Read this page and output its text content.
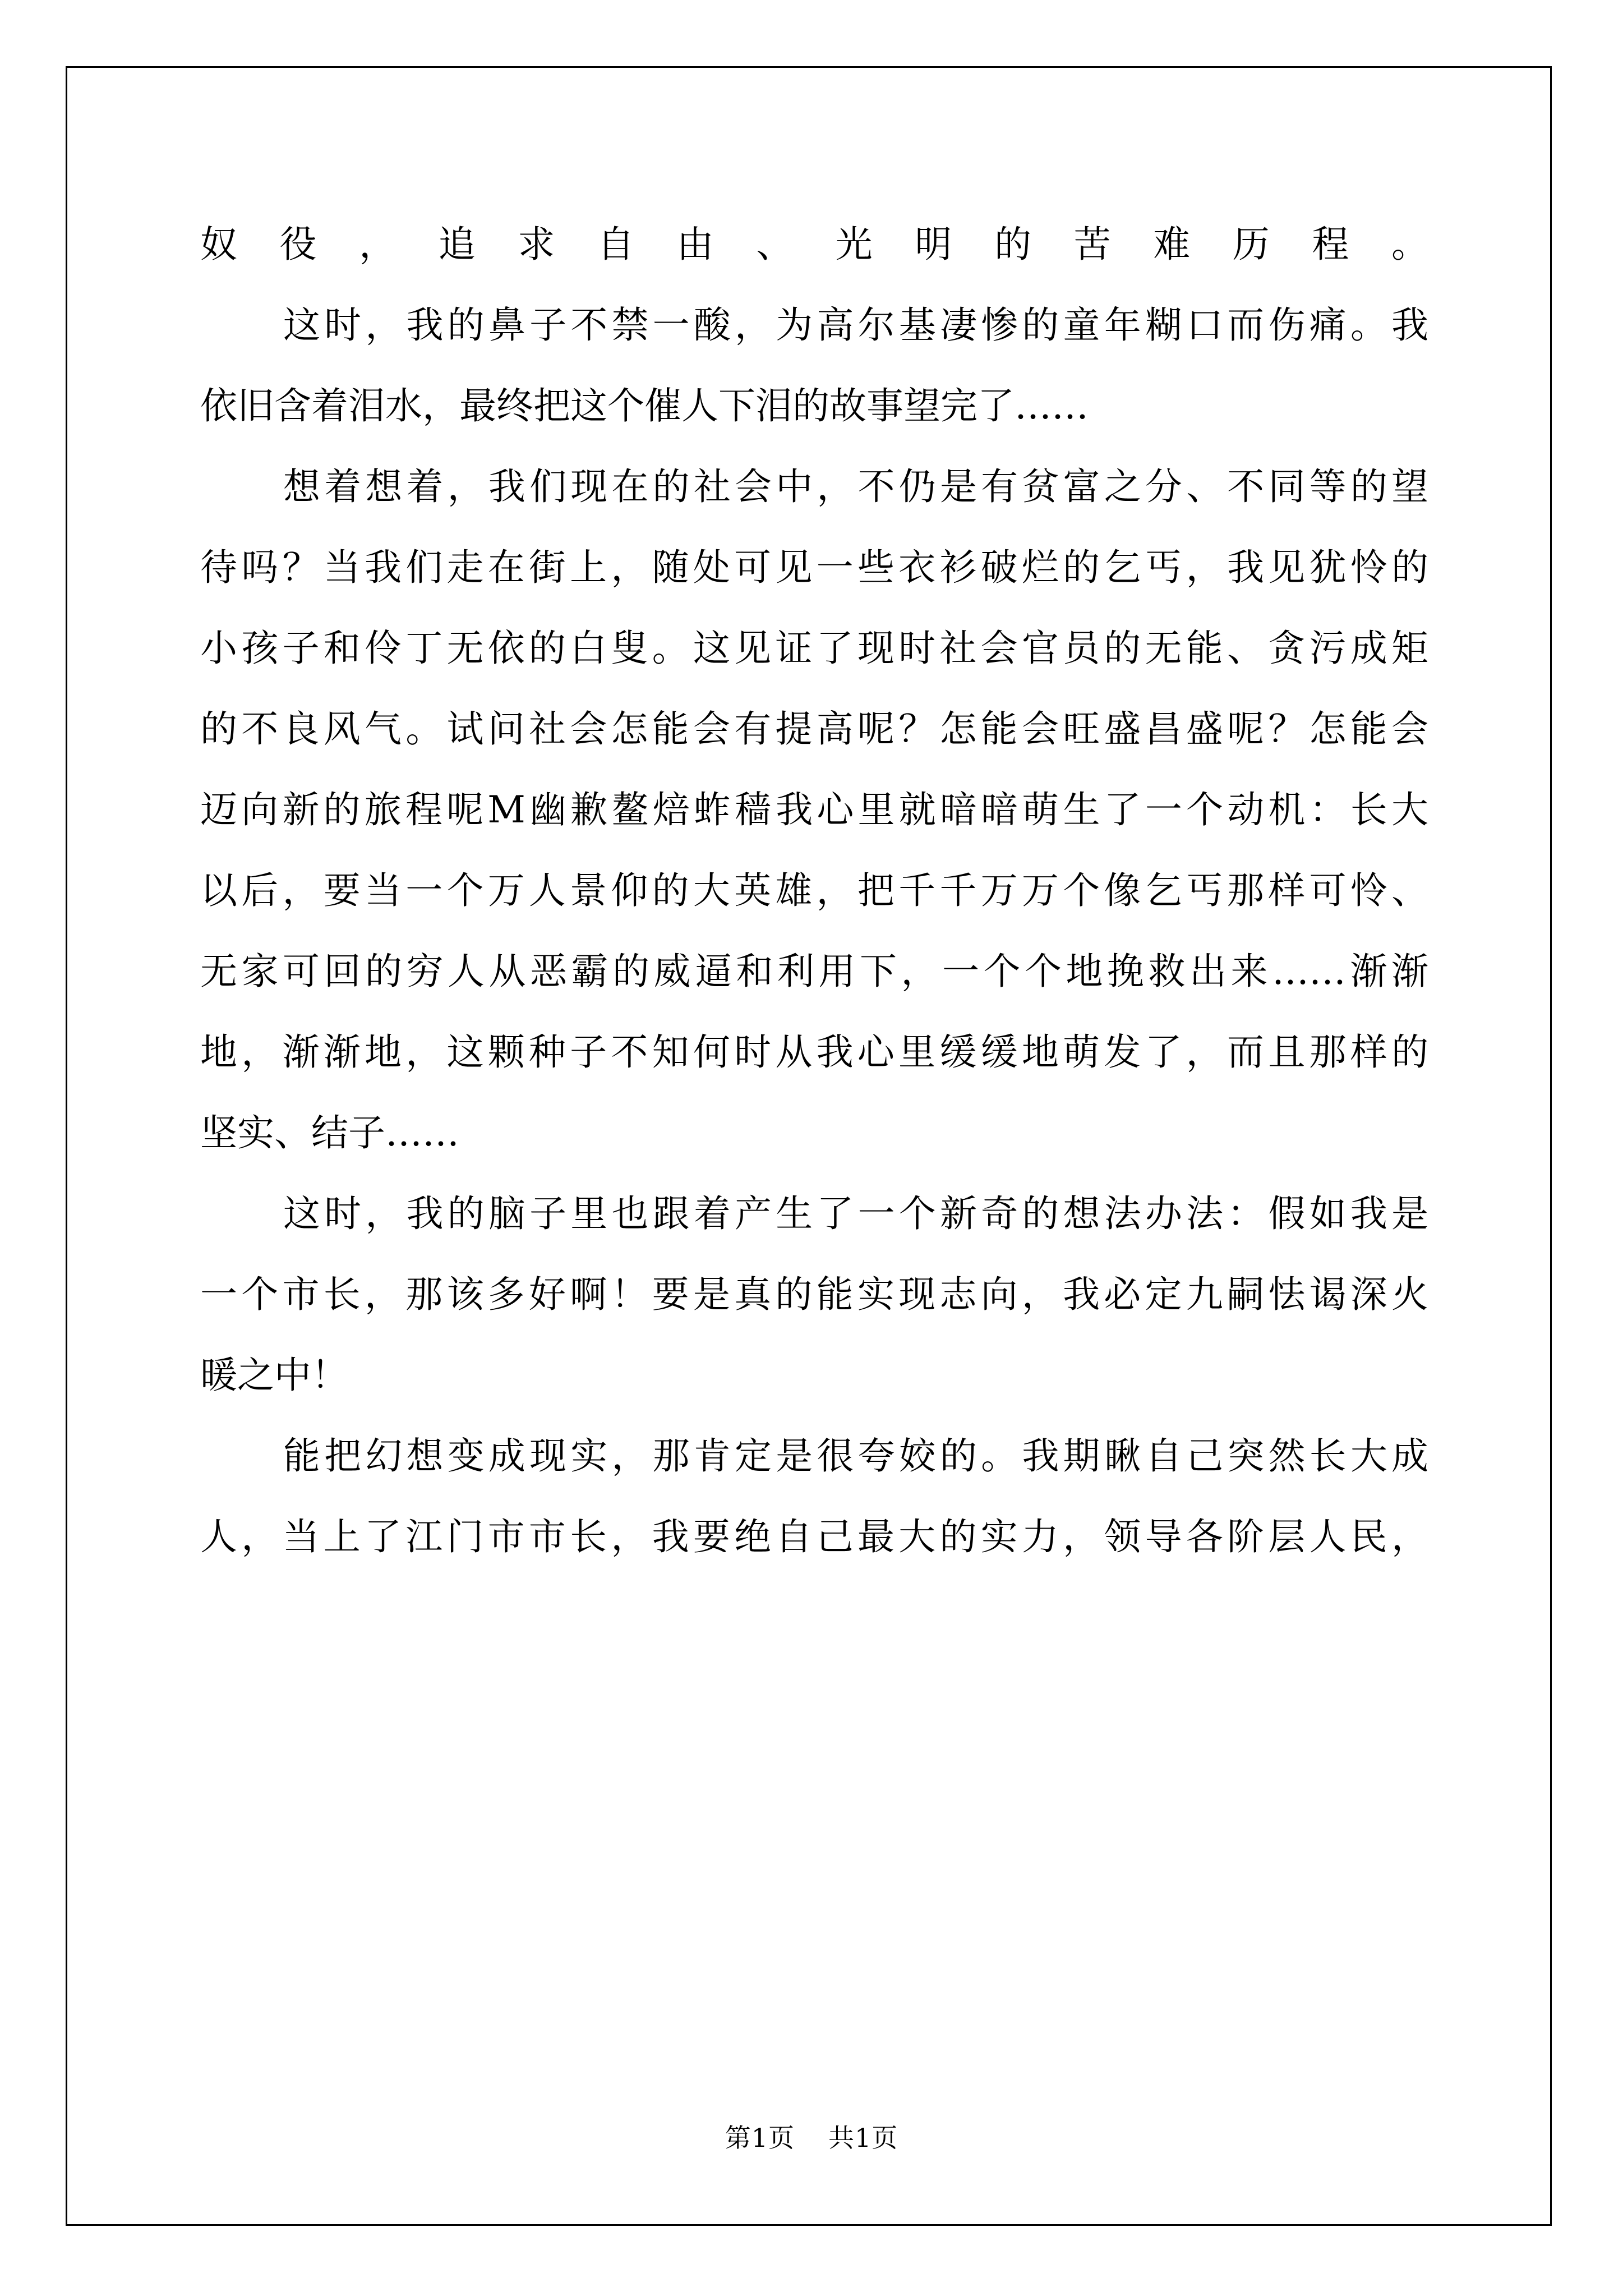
奴役，追求自由、光明的苦难历程。
这时，我的鼻子不禁一酸，为高尔基凄惨的童年糊口而伤痛。我
依旧含着泪水，最终把这个催人下泪的故事望完了……
想着想着，我们现在的社会中，不仍是有贫富之分、不同等的望
待吗？当我们走在街上，随处可见一些衣衫破烂的乞丐，我见犹怜的
小孩子和伶丁无依的白叟。这见证了现时社会官员的无能、贪污成矩
的不良风气。试问社会怎能会有提高呢？怎能会旺盛昌盛呢？怎能会
迈向新的旅程呢M幽歉鳌焙蚱穑我心里就暗暗萌生了一个动机：长大
以后，要当一个万人景仰的大英雄，把千千万万个像乞丐那样可怜、
无家可回的穷人从恶霸的威逼和利用下，一个个地挽救出来……渐渐
地，渐渐地，这颗种子不知何时从我心里缓缓地萌发了，而且那样的
坚实、结子……
这时，我的脑子里也跟着产生了一个新奇的想法办法：假如我是
一个市长，那该多好啊！要是真的能实现志向，我必定九嗣怯谒深火
暖之中！
能把幻想变成现实，那肯定是很夸姣的。我期瞅自己突然长大成
人，当上了江门市市长，我要绝自己最大的实力，领导各阶层人民，
第1页 共1页
